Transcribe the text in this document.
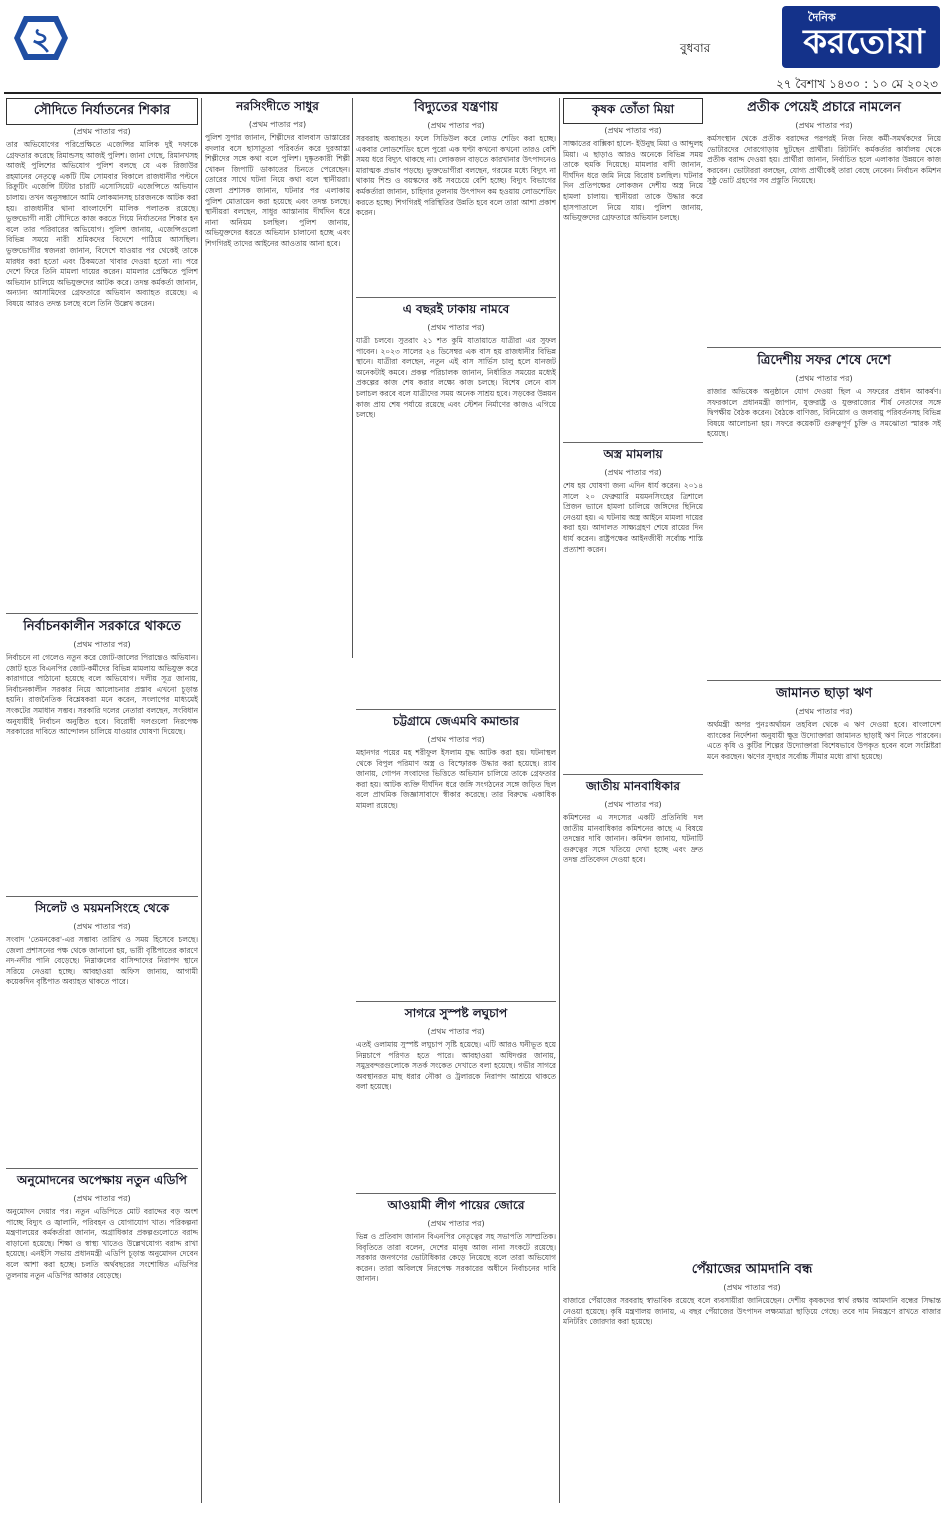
২	বুধবার
দৈনিক
করতোয়া
২৭ বৈশাখ ১৪৩০ : ১০ মে ২০২৩
সৌদিতে নির্যাতনের শিকার
(প্রথম পাতার পর)
তার অভিযোগের পরিপ্রেক্ষিতে এজেন্সির মালিক দুই দফাকে গ্রেফতার করেছে রিমান্ডসহ আজই পুলিশ। জানা গেছে, রিমানখসহ আজই পুলিশের অভিযোগ পুলিশ বলছে যে এক রিজাউর রহমানের নেতৃত্বে একটি টিম সোমবার বিকালে রাজধানীর পল্টনে রিক্রুটিং এজেন্সি টিটার চারটি এসোসিয়েট এজেন্সিতে অভিযান চালায়। তখন অনুসন্ধানে আমি লোকমানসহ চারজনকে আটক করা হয়। রাজধানীর থানা বাংলাদেশি মালিক পলাতক রয়েছে। ভুক্তভোগী নারী সৌদিতে কাজ করতে গিয়ে নির্যাতনের শিকার হন বলে তার পরিবারের অভিযোগ। পুলিশ জানায়, এজেন্সিগুলো বিভিন্ন সময়ে নারী শ্রমিকদের বিদেশে পাঠিয়ে আসছিল। ভুক্তভোগীর স্বজনরা জানান, বিদেশে যাওয়ার পর থেকেই তাকে মারধর করা হতো এবং ঠিকমতো খাবার দেওয়া হতো না। পরে দেশে ফিরে তিনি মামলা দায়ের করেন। মামলার প্রেক্ষিতে পুলিশ অভিযান চালিয়ে অভিযুক্তদের আটক করে। তদন্ত কর্মকর্তা জানান, অন্যান্য আসামিদের গ্রেফতারে অভিযান অব্যাহত রয়েছে। এ বিষয়ে আরও তদন্ত চলছে বলে তিনি উল্লেখ করেন।
নির্বাচনকালীন সরকারে থাকতে
(প্রথম পাতার পর)
নির্বাচনে না গেলেও নতুন করে জোট-জালের পিরান্তেও অভিযান। জোট হতে বিএনপির জোট-কর্মীদের বিভিন্ন মামলায় অভিযুক্ত করে কারাগারে পাঠানো হয়েছে বলে অভিযোগ। দলীয় সূত্র জানায়, নির্বাচনকালীন সরকার নিয়ে আলোচনার প্রস্তাব এখনো চূড়ান্ত হয়নি। রাজনৈতিক বিশ্লেষকরা মনে করেন, সংলাপের মাধ্যমেই সংকটের সমাধান সম্ভব। সরকারি দলের নেতারা বলছেন, সংবিধান অনুযায়ীই নির্বাচন অনুষ্ঠিত হবে। বিরোধী দলগুলো নিরপেক্ষ সরকারের দাবিতে আন্দোলন চালিয়ে যাওয়ার ঘোষণা দিয়েছে।
সিলেট ও ময়মনসিংহে থেকে
(প্রথম পাতার পর)
সংবাদ 'তেমনকের'-এর সম্ভাব্য তারিখ ও সময় হিসেবে চলছে। জেলা প্রশাসনের পক্ষ থেকে জানানো হয়, ভারী বৃষ্টিপাতের কারণে নদ-নদীর পানি বেড়েছে। নিম্নাঞ্চলের বাসিন্দাদের নিরাপদ স্থানে সরিয়ে নেওয়া হচ্ছে। আবহাওয়া অফিস জানায়, আগামী কয়েকদিন বৃষ্টিপাত অব্যাহত থাকতে পারে।
অনুমোদনের অপেক্ষায় নতুন এডিপি
(প্রথম পাতার পর)
অনুমোদন দেয়ার পর। নতুন এডিপিতে মোট বরাদ্দের বড় অংশ পাচ্ছে বিদ্যুৎ ও জ্বালানি, পরিবহন ও যোগাযোগ খাত। পরিকল্পনা মন্ত্রণালয়ের কর্মকর্তারা জানান, অগ্রাধিকার প্রকল্পগুলোতে বরাদ্দ বাড়ানো হয়েছে। শিক্ষা ও স্বাস্থ্য খাতেও উল্লেখযোগ্য বরাদ্দ রাখা হয়েছে। এনইসি সভায় প্রধানমন্ত্রী এডিপি চূড়ান্ত অনুমোদন দেবেন বলে আশা করা হচ্ছে। চলতি অর্থবছরের সংশোধিত এডিপির তুলনায় নতুন এডিপির আকার বেড়েছে।
নরসিংদীতে সাধুর
(প্রথম পাতার পর)
পুলিশ সুপার জানান, শিল্পীদের বালবাস ডাস্তারের বদলার বসে ছাসাতুতা পরিবর্তন করে দুরআস্তা শিল্পীদের সঙ্গে কথা বলে পুলিশ। দুষ্কৃতকারী শিল্পী খোকন জিপাটি ডাকাতের চিনতে পেরেছেন। তোরের সাথে ঘটনা নিয়ে কথা বলে স্থানীয়রা। জেলা প্রশাসক জানান, ঘটনার পর এলাকায় পুলিশ মোতায়েন করা হয়েছে এবং তদন্ত চলছে। স্থানীয়রা বলছেন, সাধুর আস্তানায় দীর্ঘদিন ধরে নানা অনিয়ম চলছিল। পুলিশ জানায়, অভিযুক্তদের ধরতে অভিযান চালানো হচ্ছে এবং শিগগিরই তাদের আইনের আওতায় আনা হবে।
বিদ্যুতের যন্ত্রণায়
(প্রথম পাতার পর)
সরবরাহ অব্যাহত। ফলে সিডিউল করে লোড শেডিং করা হচ্ছে। একবার লোডশেডিং হলে পুরো এক ঘণ্টা কখনো কখনো তারও বেশি সময় ধরে বিদ্যুৎ থাকছে না। লোকজন বাড়তে কারখানার উৎপাদনেও মারাত্মক প্রভাব পড়ছে। ভুক্তভোগীরা বলছেন, গরমের মধ্যে বিদ্যুৎ না থাকায় শিশু ও বয়স্কদের কষ্ট সবচেয়ে বেশি হচ্ছে। বিদ্যুৎ বিভাগের কর্মকর্তারা জানান, চাহিদার তুলনায় উৎপাদন কম হওয়ায় লোডশেডিং করতে হচ্ছে। শিগগিরই পরিস্থিতির উন্নতি হবে বলে তারা আশা প্রকাশ করেন।
এ বছরই ঢাকায় নামবে
(প্রথম পাতার পর)
যাত্রী চলবে। সুতরাং ২১ শত কুমি যাতায়াতে যাত্রীরা এর সুফল পাবেন। ২০২৩ সালের ২৪ ডিসেম্বর এক বাস হয় রাজধানীর বিভিন্ন স্থানে। যাত্রীরা বলছেন, নতুন এই বাস সার্ভিস চালু হলে যানজট অনেকটাই কমবে। প্রকল্প পরিচালক জানান, নির্ধারিত সময়ের মধ্যেই প্রকল্পের কাজ শেষ করার লক্ষ্যে কাজ চলছে। বিশেষ লেনে বাস চলাচল করবে বলে যাত্রীদের সময় অনেক সাশ্রয় হবে। সড়কের উন্নয়ন কাজ প্রায় শেষ পর্যায়ে রয়েছে এবং স্টেশন নির্মাণের কাজও এগিয়ে চলছে।
চট্টগ্রামে জেএমবি কমান্ডার
(প্রথম পাতার পর)
মহানগর পয়ের মহ শরীফুল ইসলাম যুদ্ধ আটক করা হয়। ঘটনাস্থল থেকে বিপুল পরিমাণ অস্ত্র ও বিস্ফোরক উদ্ধার করা হয়েছে। র‍্যাব জানায়, গোপন সংবাদের ভিত্তিতে অভিযান চালিয়ে তাকে গ্রেফতার করা হয়। আটক ব্যক্তি দীর্ঘদিন ধরে জঙ্গি সংগঠনের সঙ্গে জড়িত ছিল বলে প্রাথমিক জিজ্ঞাসাবাদে স্বীকার করেছে। তার বিরুদ্ধে একাধিক মামলা রয়েছে।
সাগরে সুস্পষ্ট লঘুচাপ
(প্রথম পাতার পর)
এতই ওলামায় সুস্পষ্ট লঘুচাপ সৃষ্টি হয়েছে। এটি আরও ঘনীভূত হয়ে নিম্নচাপে পরিণত হতে পারে। আবহাওয়া অধিদপ্তর জানায়, সমুদ্রবন্দরগুলোকে সতর্ক সংকেত দেখাতে বলা হয়েছে। গভীর সাগরে অবস্থানরত মাছ ধরার নৌকা ও ট্রলারকে নিরাপদ আশ্রয়ে থাকতে বলা হয়েছে।
আওয়ামী লীগ পায়ের জোরে
(প্রথম পাতার পর)
ভিন্ন ও প্রতিবাদ জানান বিএনপির নেতৃত্বের সহ সভাপতি সাম্প্রতিক। বিবৃতিতে তারা বলেন, দেশের মানুষ আজ নানা সংকটে রয়েছে। সরকার জনগণের ভোটাধিকার কেড়ে নিয়েছে বলে তারা অভিযোগ করেন। তারা অবিলম্বে নিরপেক্ষ সরকারের অধীনে নির্বাচনের দাবি জানান।
কৃষক তোঁতা মিয়া
(প্রথম পাতার পর)
সাক্ষাতের বাক্সিকা হালে- ইউনুছ মিয়া ও আব্দুলহ মিয়া। এ ছাড়াও আরও অনেকে বিভিন্ন সময় তাকে হুমকি দিয়েছে। মামলার বাদী জানান, দীর্ঘদিন ধরে জমি নিয়ে বিরোধ চলছিল। ঘটনার দিন প্রতিপক্ষের লোকজন দেশীয় অস্ত্র নিয়ে হামলা চালায়। স্থানীয়রা তাকে উদ্ধার করে হাসপাতালে নিয়ে যায়। পুলিশ জানায়, অভিযুক্তদের গ্রেফতারে অভিযান চলছে।
অস্ত্র মামলায়
(প্রথম পাতার পর)
শেষ হয় ঘোষণা জন্য এদিন ধার্য করেন। ২০১৪ সালে ২০ ফেব্রুয়ারি ময়মনসিংহের ত্রিশালে প্রিজন ভ্যানে হামলা চালিয়ে জঙ্গিদের ছিনিয়ে নেওয়া হয়। এ ঘটনায় অস্ত্র আইনে মামলা দায়ের করা হয়। আদালত সাক্ষ্যগ্রহণ শেষে রায়ের দিন ধার্য করেন। রাষ্ট্রপক্ষের আইনজীবী সর্বোচ্চ শাস্তি প্রত্যাশা করেন।
জাতীয় মানবাধিকার
(প্রথম পাতার পর)
কমিশনের এ সদস্যের একটি প্রতিনিধি দল জাতীয় মানবাধিকার কমিশনের কাছে এ বিষয়ে তদন্তের দাবি জানান। কমিশন জানায়, ঘটনাটি গুরুত্বের সঙ্গে খতিয়ে দেখা হচ্ছে এবং দ্রুত তদন্ত প্রতিবেদন দেওয়া হবে।
প্রতীক পেয়েই প্রচারে নামলেন
(প্রথম পাতার পর)
কর্মসংস্থান থেকে প্রতীক বরাদ্দের পরপরই নিজ নিজ কর্মী-সমর্থকদের নিয়ে ভোটারদের দোরগোড়ায় ছুটছেন প্রার্থীরা। রিটার্নিং কর্মকর্তার কার্যালয় থেকে প্রতীক বরাদ্দ দেওয়া হয়। প্রার্থীরা জানান, নির্বাচিত হলে এলাকার উন্নয়নে কাজ করবেন। ভোটাররা বলছেন, যোগ্য প্রার্থীকেই তারা বেছে নেবেন। নির্বাচন কমিশন সুষ্ঠু ভোট গ্রহণের সব প্রস্তুতি নিয়েছে।
ত্রিদেশীয় সফর শেষে দেশে
(প্রথম পাতার পর)
রাজার অভিষেক অনুষ্ঠানে যোগ দেওয়া ছিল এ সফরের প্রধান আকর্ষণ। সফরকালে প্রধানমন্ত্রী জাপান, যুক্তরাষ্ট্র ও যুক্তরাজ্যের শীর্ষ নেতাদের সঙ্গে দ্বিপক্ষীয় বৈঠক করেন। বৈঠকে বাণিজ্য, বিনিয়োগ ও জলবায়ু পরিবর্তনসহ বিভিন্ন বিষয়ে আলোচনা হয়। সফরে কয়েকটি গুরুত্বপূর্ণ চুক্তি ও সমঝোতা স্মারক সই হয়েছে।
জামানত ছাড়া ঋণ
(প্রথম পাতার পর)
অর্থমন্ত্রী অপর পুনঃঅর্থায়ন তহবিল থেকে এ ঋণ দেওয়া হবে। বাংলাদেশ ব্যাংকের নির্দেশনা অনুযায়ী ক্ষুদ্র উদ্যোক্তারা জামানত ছাড়াই ঋণ নিতে পারবেন। এতে কৃষি ও কুটির শিল্পের উদ্যোক্তারা বিশেষভাবে উপকৃত হবেন বলে সংশ্লিষ্টরা মনে করছেন। ঋণের সুদহার সর্বোচ্চ সীমার মধ্যে রাখা হয়েছে।
পেঁয়াজের আমদানি বন্ধ
(প্রথম পাতার পর)
বাজারে পেঁয়াজের সরবরাহ স্বাভাবিক রয়েছে বলে ব্যবসায়ীরা জানিয়েছেন। দেশীয় কৃষকদের স্বার্থ রক্ষায় আমদানি বন্ধের সিদ্ধান্ত নেওয়া হয়েছে। কৃষি মন্ত্রণালয় জানায়, এ বছর পেঁয়াজের উৎপাদন লক্ষ্যমাত্রা ছাড়িয়ে গেছে। তবে দাম নিয়ন্ত্রণে রাখতে বাজার মনিটরিং জোরদার করা হয়েছে।
